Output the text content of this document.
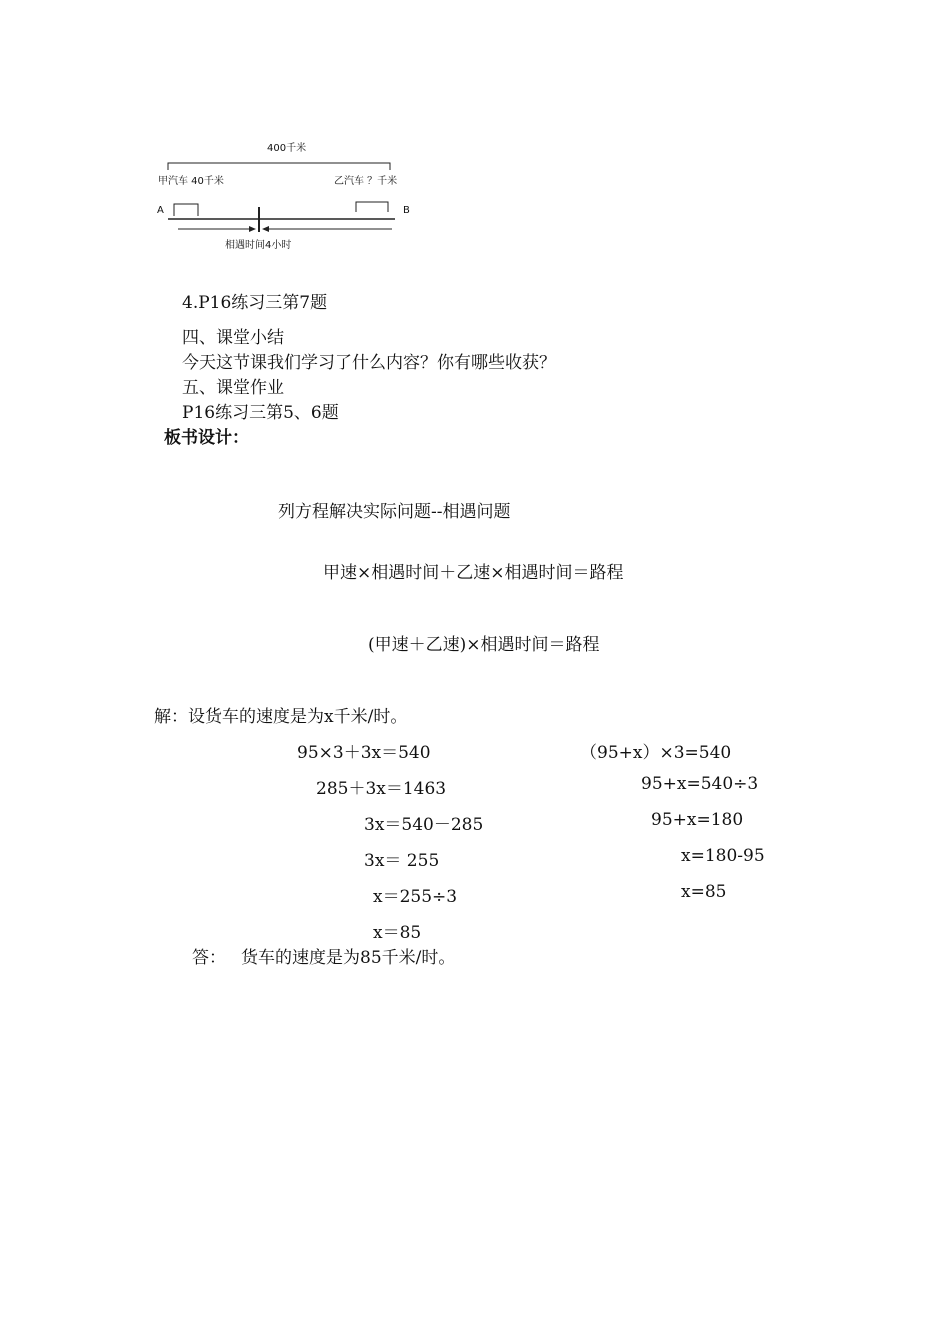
400千米
甲汽车 40千米	乙汽车 ？千米
A	B
相遇时间4小时
4.P16练习三第7题
四、课堂小结
今天这节课我们学习了什么内容？你有哪些收获？
五、课堂作业
P16练习三第5、6题
板书设计：
列方程解决实际问题--相遇问题
甲速×相遇时间＋乙速×相遇时间＝路程
(甲速＋乙速)×相遇时间＝路程
解：设货车的速度是为x千米/时。
95×3＋3x＝540
285＋3x＝1463
3x＝540－285
3x＝ 255
x＝255÷3
x＝85
（95+x）×3=540
95+x=540÷3
95+x=180
x=180-95
x=85
答： 货车的速度是为85千米/时。
